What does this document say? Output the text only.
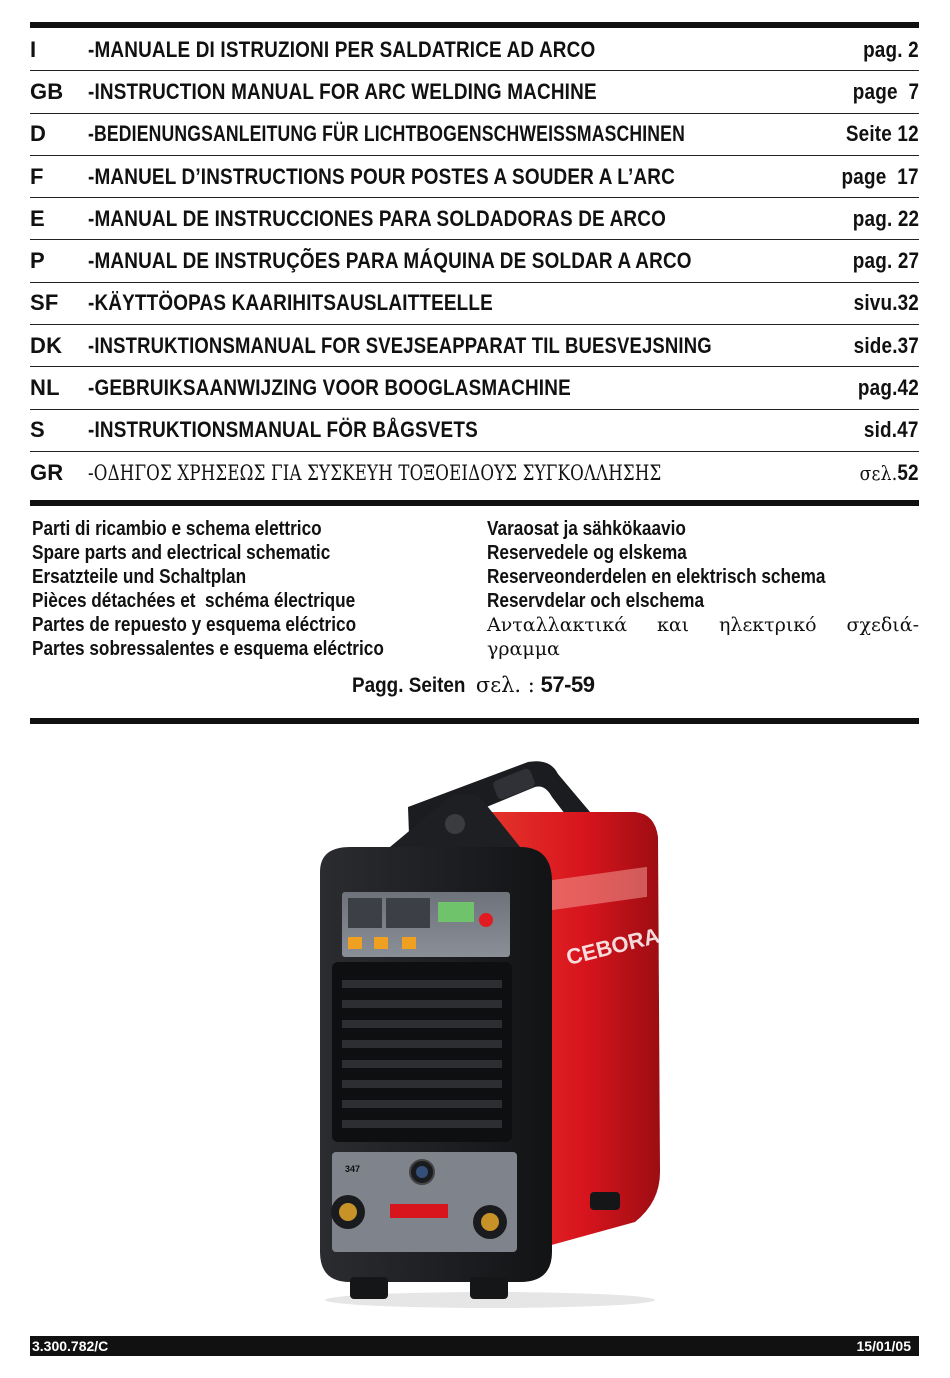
I	-MANUALE DI ISTRUZIONI PER SALDATRICE AD ARCO	pag. 2
GB	-INSTRUCTION MANUAL FOR ARC WELDING MACHINE	page  7
D	-BEDIENUNGSANLEITUNG FÜR LICHTBOGENSCHWEISSMASCHINEN	Seite 12
F	-MANUEL D’INSTRUCTIONS POUR POSTES A SOUDER A L’ARC	page  17
E	-MANUAL DE INSTRUCCIONES PARA SOLDADORAS DE ARCO	pag. 22
P	-MANUAL DE INSTRUÇÕES PARA MÁQUINA DE SOLDAR A ARCO	pag. 27
SF	-KÄYTTÖOPAS KAARIHITSAUSLAITTEELLE	sivu.32
DK	-INSTRUKTIONSMANUAL FOR SVEJSEAPPARAT TIL BUESVEJSNING	side.37
NL	-GEBRUIKSAANWIJZING VOOR BOOGLASMACHINE	pag.42
S	-INSTRUKTIONSMANUAL FÖR BÅGSVETS	sid.47
GR	-ΟΔΗΓΟΣ ΧΡΗΣΕΩΣ ΓΙΑ ΣΥΣΚΕΥΗ ΤΟΞΟΕΙΔΟΥΣ ΣΥΓΚΟΛΛΗΣΗΣ	σελ.52
Parti di ricambio e schema elettrico
Spare parts and electrical schematic
Ersatzteile und Schaltplan
Pièces détachées et  schéma électrique
Partes de repuesto y esquema eléctrico
Partes sobressalentes e esquema eléctrico
Varaosat ja sähkökaavio
Reservedele og elskema
Reserveonderdelen en elektrisch schema
Reservdelar och elschema
Ανταλλακτικά και ηλεκτρικό σχεδιά-
γραμμα
Pagg. Seiten σελ. : 57-59
CEBORA
347
3.300.782/C	15/01/05
